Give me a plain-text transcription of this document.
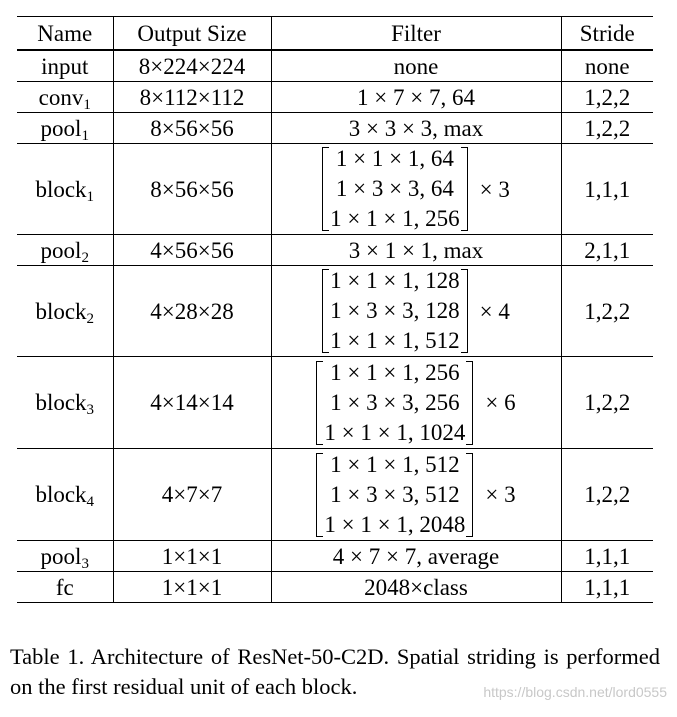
Name	Output Size	Filter	Stride
input	8×224×224	none	none
conv$_1$	8×112×112	1 × 7 × 7, 64	1,2,2
pool$_1$	8×56×56	3 × 3 × 3, max	1,2,2
block$_1$	8×56×56	1 × 1 × 1, 64
1 × 3 × 3, 64
1 × 1 × 1, 256
× 3	1,1,1
pool$_2$	4×56×56	3 × 1 × 1, max	2,1,1
block$_2$	4×28×28	1 × 1 × 1, 128
1 × 3 × 3, 128
1 × 1 × 1, 512
× 4	1,2,2
block$_3$	4×14×14	1 × 1 × 1, 256
1 × 3 × 3, 256
1 × 1 × 1, 1024
× 6	1,2,2
block$_4$	4×7×7	1 × 1 × 1, 512
1 × 3 × 3, 512
1 × 1 × 1, 2048
× 3	1,2,2
pool$_3$	1×1×1	4 × 7 × 7, average	1,1,1
fc	1×1×1	2048×class	1,1,1
Table 1. Architecture of ResNet-50-C2D. Spatial striding is performed on the first residual unit of each block.	https://blog.csdn.net/lord0555
